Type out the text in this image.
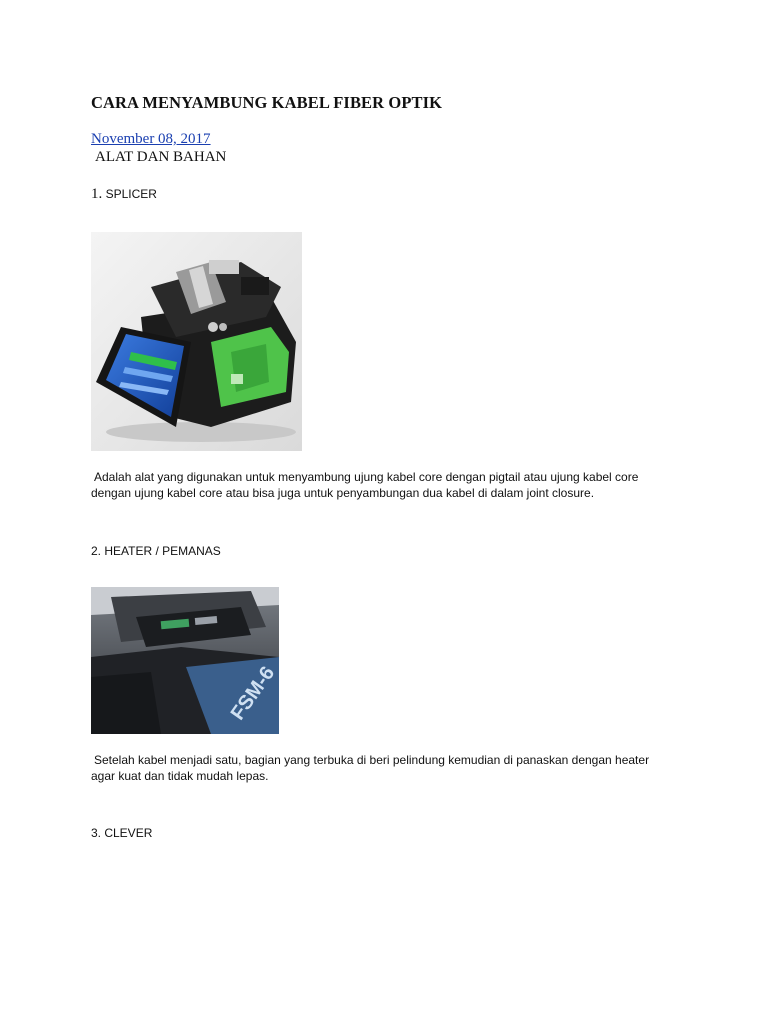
CARA MENYAMBUNG KABEL FIBER OPTIK
November 08, 2017
ALAT DAN BAHAN
1. SPLICER
Adalah alat yang digunakan untuk menyambung ujung kabel core dengan pigtail atau ujung kabel core
dengan ujung kabel core atau bisa juga untuk penyambungan dua kabel di dalam joint closure.
2. HEATER / PEMANAS
FSM-6
Setelah kabel menjadi satu, bagian yang terbuka di beri pelindung kemudian di panaskan dengan heater
agar kuat dan tidak mudah lepas.
3. CLEVER
